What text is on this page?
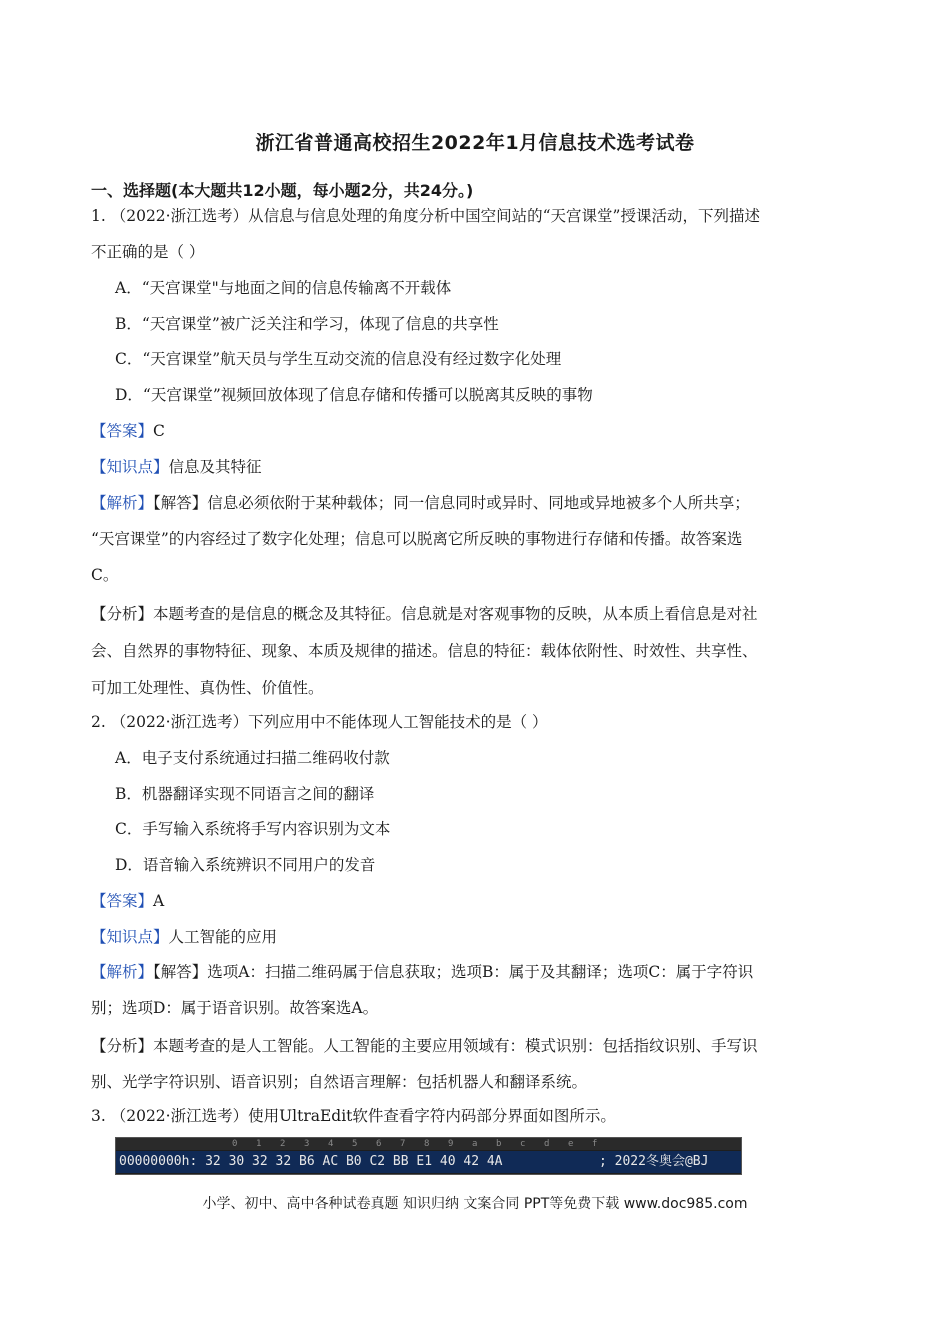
浙江省普通高校招生2022年1月信息技术选考试卷
一、选择题(本大题共12小题，每小题2分，共24分。)
1. （2022·浙江选考）从信息与信息处理的角度分析中国空间站的“天宫课堂”授课活动，下列描述
不正确的是（ ）
A．“天宫课堂"与地面之间的信息传输离不开载体
B．“天宫课堂”被广泛关注和学习，体现了信息的共享性
C．“天宫课堂”航天员与学生互动交流的信息没有经过数字化处理
D．“天宫课堂”视频回放体现了信息存储和传播可以脱离其反映的事物
【答案】C
【知识点】信息及其特征
【解析】【解答】信息必须依附于某种载体；同一信息同时或异时、同地或异地被多个人所共享；
“天宫课堂”的内容经过了数字化处理；信息可以脱离它所反映的事物进行存储和传播。故答案选
C。
【分析】本题考查的是信息的概念及其特征。信息就是对客观事物的反映，从本质上看信息是对社
会、自然界的事物特征、现象、本质及规律的描述。信息的特征：载体依附性、时效性、共享性、
可加工处理性、真伪性、价值性。
2. （2022·浙江选考）下列应用中不能体现人工智能技术的是（ ）
A．电子支付系统通过扫描二维码收付款
B．机器翻译实现不同语言之间的翻译
C．手写输入系统将手写内容识别为文本
D．语音输入系统辨识不同用户的发音
【答案】A
【知识点】人工智能的应用
【解析】【解答】选项A：扫描二维码属于信息获取；选项B：属于及其翻译；选项C：属于字符识
别；选项D：属于语音识别。故答案选A。
【分析】本题考查的是人工智能。人工智能的主要应用领域有：模式识别：包括指纹识别、手写识
别、光学字符识别、语音识别；自然语言理解：包括机器人和翻译系统。
3. （2022·浙江选考）使用UltraEdit软件查看字符内码部分界面如图所示。
0 1 2 3 4 5 6 7 8 9 a b c d e f
00000000h: 32 30 32 32 B6 AC B0 C2 BB E1 40 42 4A	; 2022冬奥会@BJ
小学、初中、高中各种试卷真题 知识归纳 文案合同 PPT等免费下载 www.doc985.com
